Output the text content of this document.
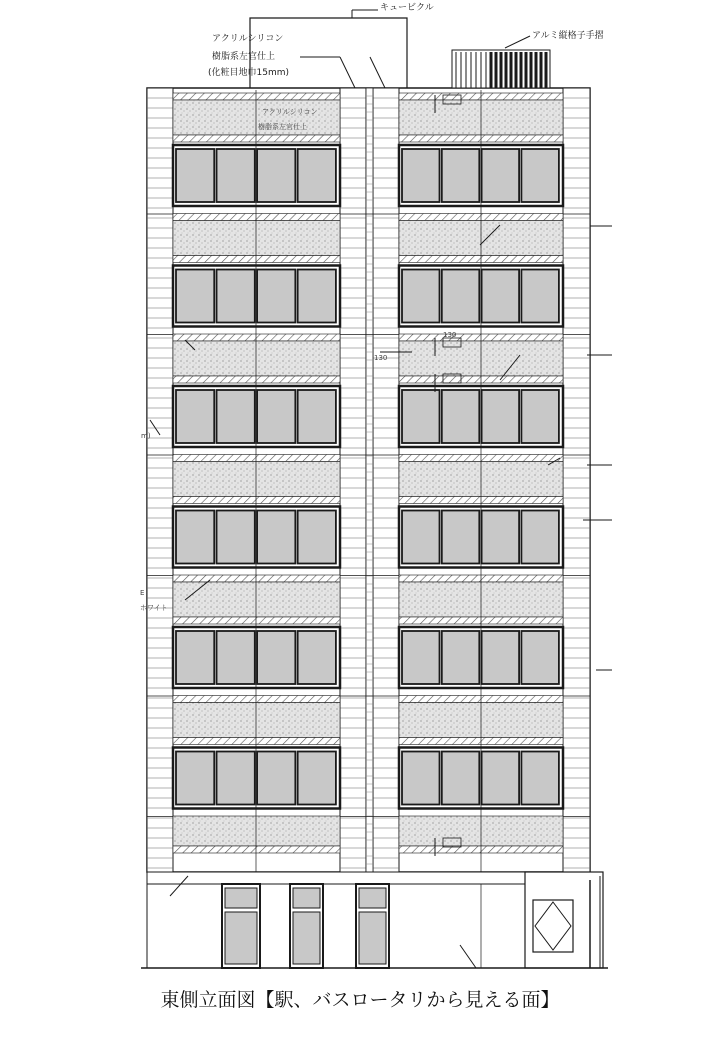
キュービクル
アルミ縦格子手摺
アクリルシリコン
樹脂系左官仕上
(化粧目地巾15mm)
アクリルシリコン
樹脂系左官仕上
130
130
m)
ホワイト
E
東側立面図【駅、バスロータリから見える面】
